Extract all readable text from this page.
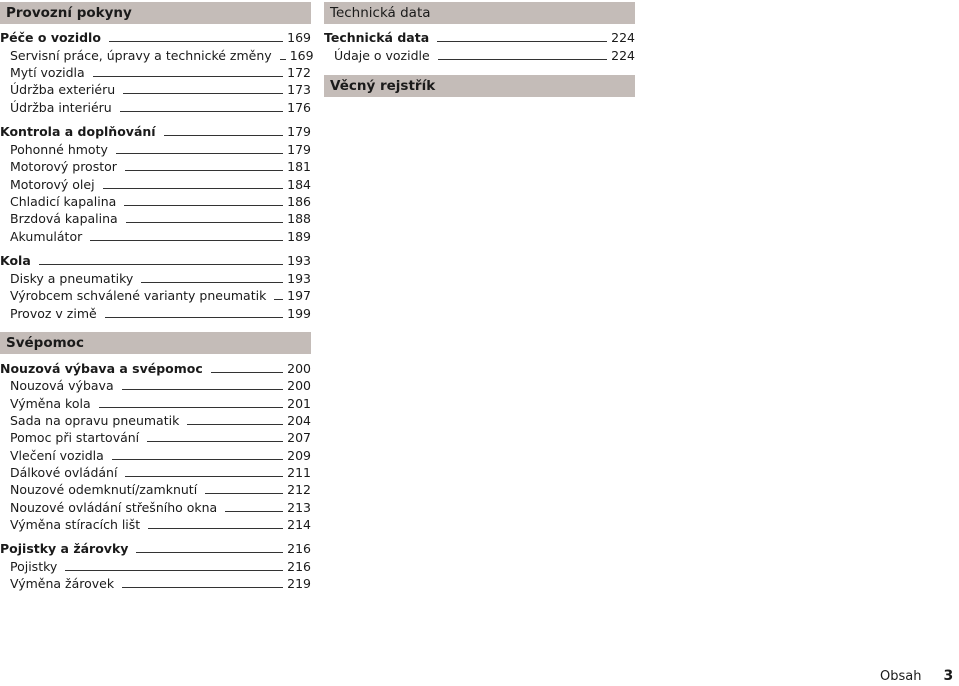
Provozní pokyny
Péče o vozidlo	169
Servisní práce, úpravy a technické změny 169
Mytí vozidla	172
Údržba exteriéru	173
Údržba interiéru	176
Kontrola a doplňování	179
Pohonné hmoty	179
Motorový prostor	181
Motorový olej	184
Chladicí kapalina	186
Brzdová kapalina	188
Akumulátor	189
Kola	193
Disky a pneumatiky	193
Výrobcem schválené varianty pneumatik 197
Provoz v zimě	199
Svépomoc
Nouzová výbava a svépomoc	200
Nouzová výbava	200
Výměna kola	201
Sada na opravu pneumatik	204
Pomoc při startování	207
Vlečení vozidla	209
Dálkové ovládání	211
Nouzové odemknutí/zamknutí	212
Nouzové ovládání střešního okna	213
Výměna stíracích lišt	214
Pojistky a žárovky	216
Pojistky	216
Výměna žárovek	219
Technická data
Technická data	224
Údaje o vozidle	224
Věcný rejstřík
Obsah 3
